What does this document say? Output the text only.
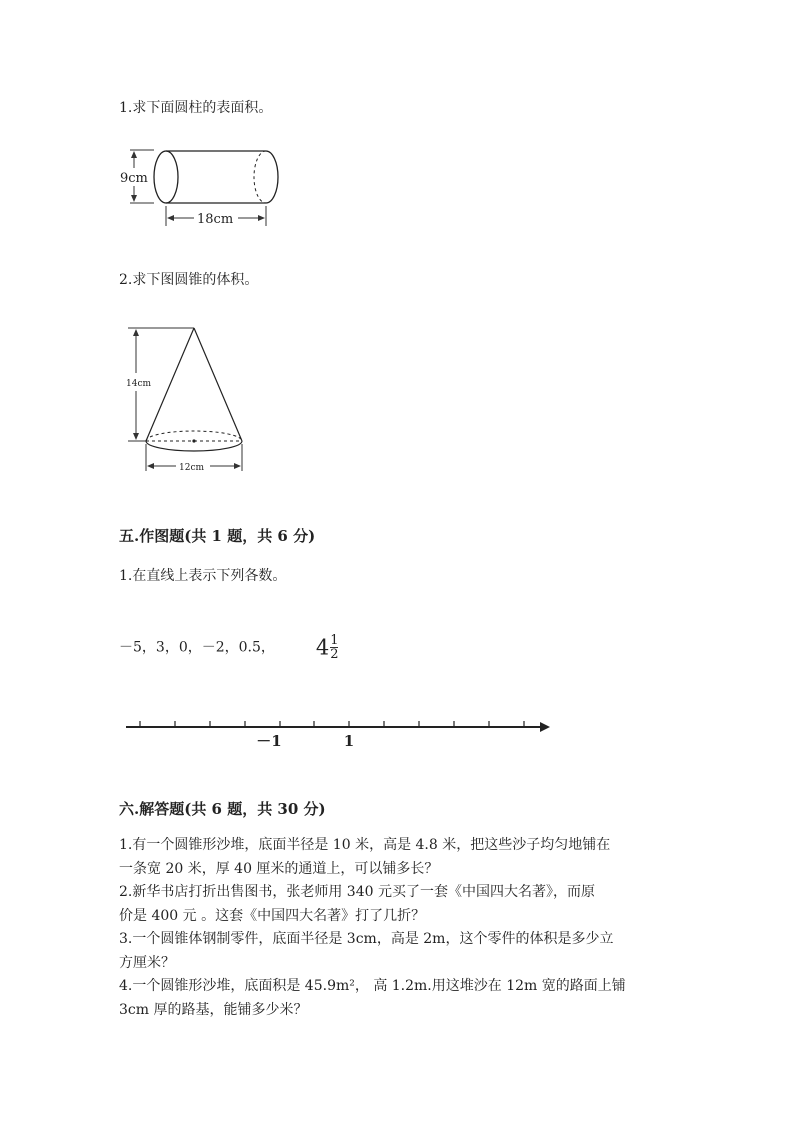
1.求下面圆柱的表面积。
9cm
18cm
2.求下图圆锥的体积。
14cm
12cm
五.作图题(共 1 题，共 6 分)
1.在直线上表示下列各数。
－5，3，0，－2，0.5， $4 \frac{1}{2}$
－1	1
六.解答题(共 6 题，共 30 分)
1.有一个圆锥形沙堆，底面半径是 10 米，高是 4.8 米，把这些沙子均匀地铺在
一条宽 20 米，厚 40 厘米的通道上，可以铺多长？
2.新华书店打折出售图书，张老师用 340 元买了一套《中国四大名著》，而原
价是 400 元 。这套《中国四大名著》打了几折？
3.一个圆锥体钢制零件，底面半径是 3cm，高是 2m，这个零件的体积是多少立
方厘米？
4.一个圆锥形沙堆，底面积是 45.9m²， 高 1.2m.用这堆沙在 12m 宽的路面上铺
3cm 厚的路基，能铺多少米？
